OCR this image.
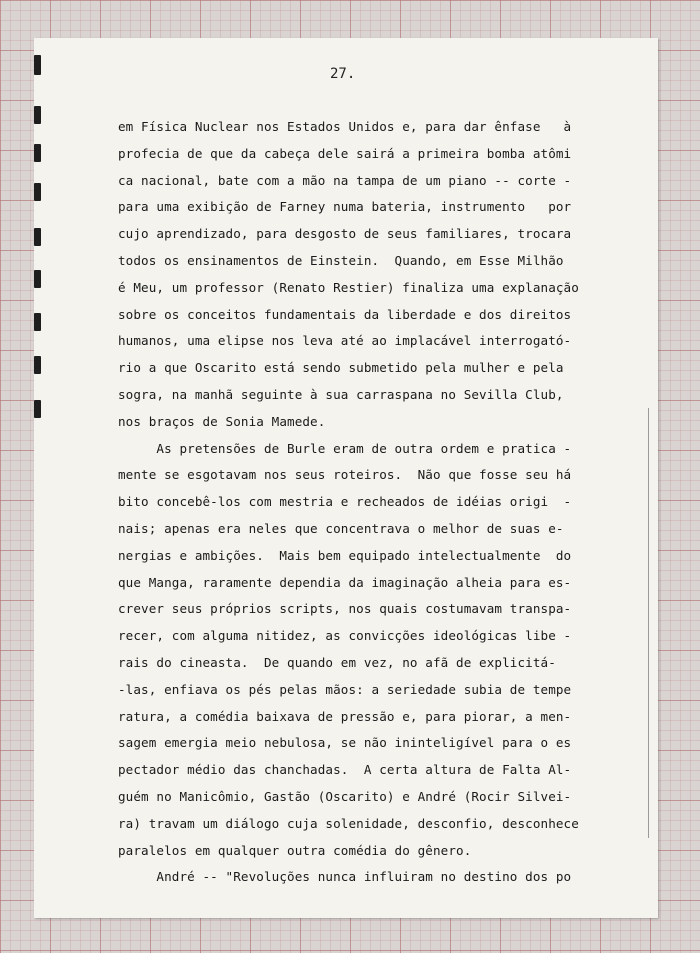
27.
em Física Nuclear nos Estados Unidos e, para dar ênfase   à
profecia de que da cabeça dele sairá a primeira bomba atômi
ca nacional, bate com a mão na tampa de um piano -- corte -
para uma exibição de Farney numa bateria, instrumento   por
cujo aprendizado, para desgosto de seus familiares, trocara
todos os ensinamentos de Einstein.  Quando, em Esse Milhão
é Meu, um professor (Renato Restier) finaliza uma explanação
sobre os conceitos fundamentais da liberdade e dos direitos
humanos, uma elipse nos leva até ao implacável interrogató-
rio a que Oscarito está sendo submetido pela mulher e pela
sogra, na manhã seguinte à sua carraspana no Sevilla Club,
nos braços de Sonia Mamede.
As pretensões de Burle eram de outra ordem e pratica -
mente se esgotavam nos seus roteiros.  Não que fosse seu há
bito concebê-los com mestria e recheados de idéias origi  -
nais; apenas era neles que concentrava o melhor de suas e-
nergias e ambições.  Mais bem equipado intelectualmente  do
que Manga, raramente dependia da imaginação alheia para es-
crever seus próprios scripts, nos quais costumavam transpa-
recer, com alguma nitidez, as convicções ideológicas libe -
rais do cineasta.  De quando em vez, no afã de explicitá-
-las, enfiava os pés pelas mãos: a seriedade subia de tempe
ratura, a comédia baixava de pressão e, para piorar, a men-
sagem emergia meio nebulosa, se não ininteligível para o es
pectador médio das chanchadas.  A certa altura de Falta Al-
guém no Manicômio, Gastão (Oscarito) e André (Rocir Silvei-
ra) travam um diálogo cuja solenidade, desconfio, desconhece
paralelos em qualquer outra comédia do gênero.
André -- "Revoluções nunca influiram no destino dos po
